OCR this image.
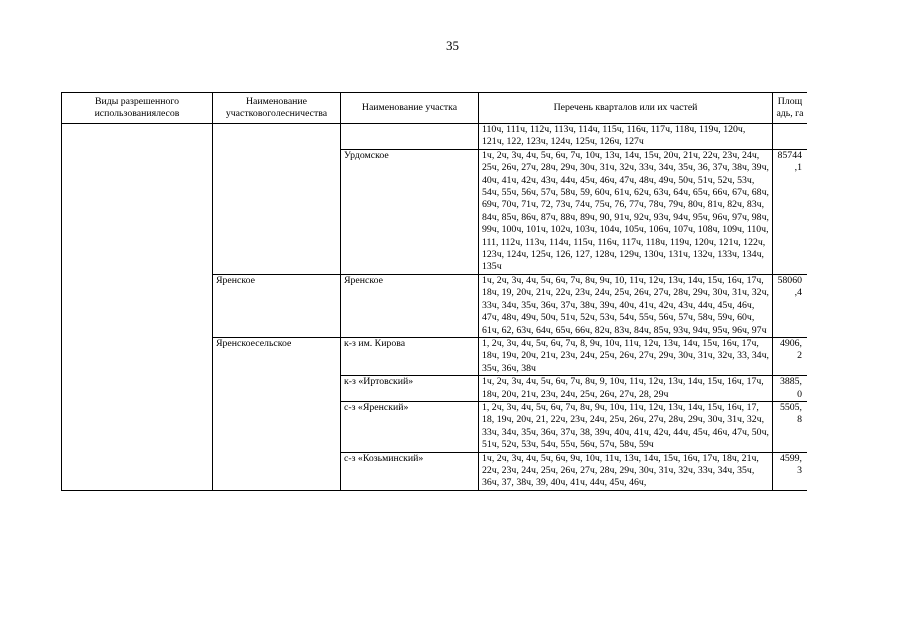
35
Виды разрешенного использованиялесов	Наименование участковоголесничества	Наименование участка	Перечень кварталов или их частей	Площадь, га
			110ч, 111ч, 112ч, 113ч, 114ч, 115ч, 116ч, 117ч, 118ч, 119ч, 120ч, 121ч, 122, 123ч, 124ч, 125ч, 126ч, 127ч	
		Урдомское	1ч, 2ч, 3ч, 4ч, 5ч, 6ч, 7ч, 10ч, 13ч, 14ч, 15ч, 20ч, 21ч, 22ч, 23ч, 24ч, 25ч, 26ч, 27ч, 28ч, 29ч, 30ч, 31ч, 32ч, 33ч, 34ч, 35ч, 36, 37ч, 38ч, 39ч, 40ч, 41ч, 42ч, 43ч, 44ч, 45ч, 46ч, 47ч, 48ч, 49ч, 50ч, 51ч, 52ч, 53ч, 54ч, 55ч, 56ч, 57ч, 58ч, 59, 60ч, 61ч, 62ч, 63ч, 64ч, 65ч, 66ч, 67ч, 68ч, 69ч, 70ч, 71ч, 72, 73ч, 74ч, 75ч, 76, 77ч, 78ч, 79ч, 80ч, 81ч, 82ч, 83ч, 84ч, 85ч, 86ч, 87ч, 88ч, 89ч, 90, 91ч, 92ч, 93ч, 94ч, 95ч, 96ч, 97ч, 98ч, 99ч, 100ч, 101ч, 102ч, 103ч, 104ч, 105ч, 106ч, 107ч, 108ч, 109ч, 110ч, 111, 112ч, 113ч, 114ч, 115ч, 116ч, 117ч, 118ч, 119ч, 120ч, 121ч, 122ч, 123ч, 124ч, 125ч, 126, 127, 128ч, 129ч, 130ч, 131ч, 132ч, 133ч, 134ч, 135ч	85744,1
	Яренское	Яренское	1ч, 2ч, 3ч, 4ч, 5ч, 6ч, 7ч, 8ч, 9ч, 10, 11ч, 12ч, 13ч, 14ч, 15ч, 16ч, 17ч, 18ч, 19, 20ч, 21ч, 22ч, 23ч, 24ч, 25ч, 26ч, 27ч, 28ч, 29ч, 30ч, 31ч, 32ч, 33ч, 34ч, 35ч, 36ч, 37ч, 38ч, 39ч, 40ч, 41ч, 42ч, 43ч, 44ч, 45ч, 46ч, 47ч, 48ч, 49ч, 50ч, 51ч, 52ч, 53ч, 54ч, 55ч, 56ч, 57ч, 58ч, 59ч, 60ч, 61ч, 62, 63ч, 64ч, 65ч, 66ч, 82ч, 83ч, 84ч, 85ч, 93ч, 94ч, 95ч, 96ч, 97ч	58060,4
	Яренскоесельское	к-з им. Кирова	1, 2ч, 3ч, 4ч, 5ч, 6ч, 7ч, 8, 9ч, 10ч, 11ч, 12ч, 13ч, 14ч, 15ч, 16ч, 17ч, 18ч, 19ч, 20ч, 21ч, 23ч, 24ч, 25ч, 26ч, 27ч, 29ч, 30ч, 31ч, 32ч, 33, 34ч, 35ч, 36ч, 38ч	4906,2
		к-з «Иртовский»	1ч, 2ч, 3ч, 4ч, 5ч, 6ч, 7ч, 8ч, 9, 10ч, 11ч, 12ч, 13ч, 14ч, 15ч, 16ч, 17ч, 18ч, 20ч, 21ч, 23ч, 24ч, 25ч, 26ч, 27ч, 28, 29ч	3885,0
		с-з «Яренский»	1, 2ч, 3ч, 4ч, 5ч, 6ч, 7ч, 8ч, 9ч, 10ч, 11ч, 12ч, 13ч, 14ч, 15ч, 16ч, 17, 18, 19ч, 20ч, 21, 22ч, 23ч, 24ч, 25ч, 26ч, 27ч, 28ч, 29ч, 30ч, 31ч, 32ч, 33ч, 34ч, 35ч, 36ч, 37ч, 38, 39ч, 40ч, 41ч, 42ч, 44ч, 45ч, 46ч, 47ч, 50ч, 51ч, 52ч, 53ч, 54ч, 55ч, 56ч, 57ч, 58ч, 59ч	5505,8
		с-з «Козьминский»	1ч, 2ч, 3ч, 4ч, 5ч, 6ч, 9ч, 10ч, 11ч, 13ч, 14ч, 15ч, 16ч, 17ч, 18ч, 21ч, 22ч, 23ч, 24ч, 25ч, 26ч, 27ч, 28ч, 29ч, 30ч, 31ч, 32ч, 33ч, 34ч, 35ч, 36ч, 37, 38ч, 39, 40ч, 41ч, 44ч, 45ч, 46ч,	4599,3
